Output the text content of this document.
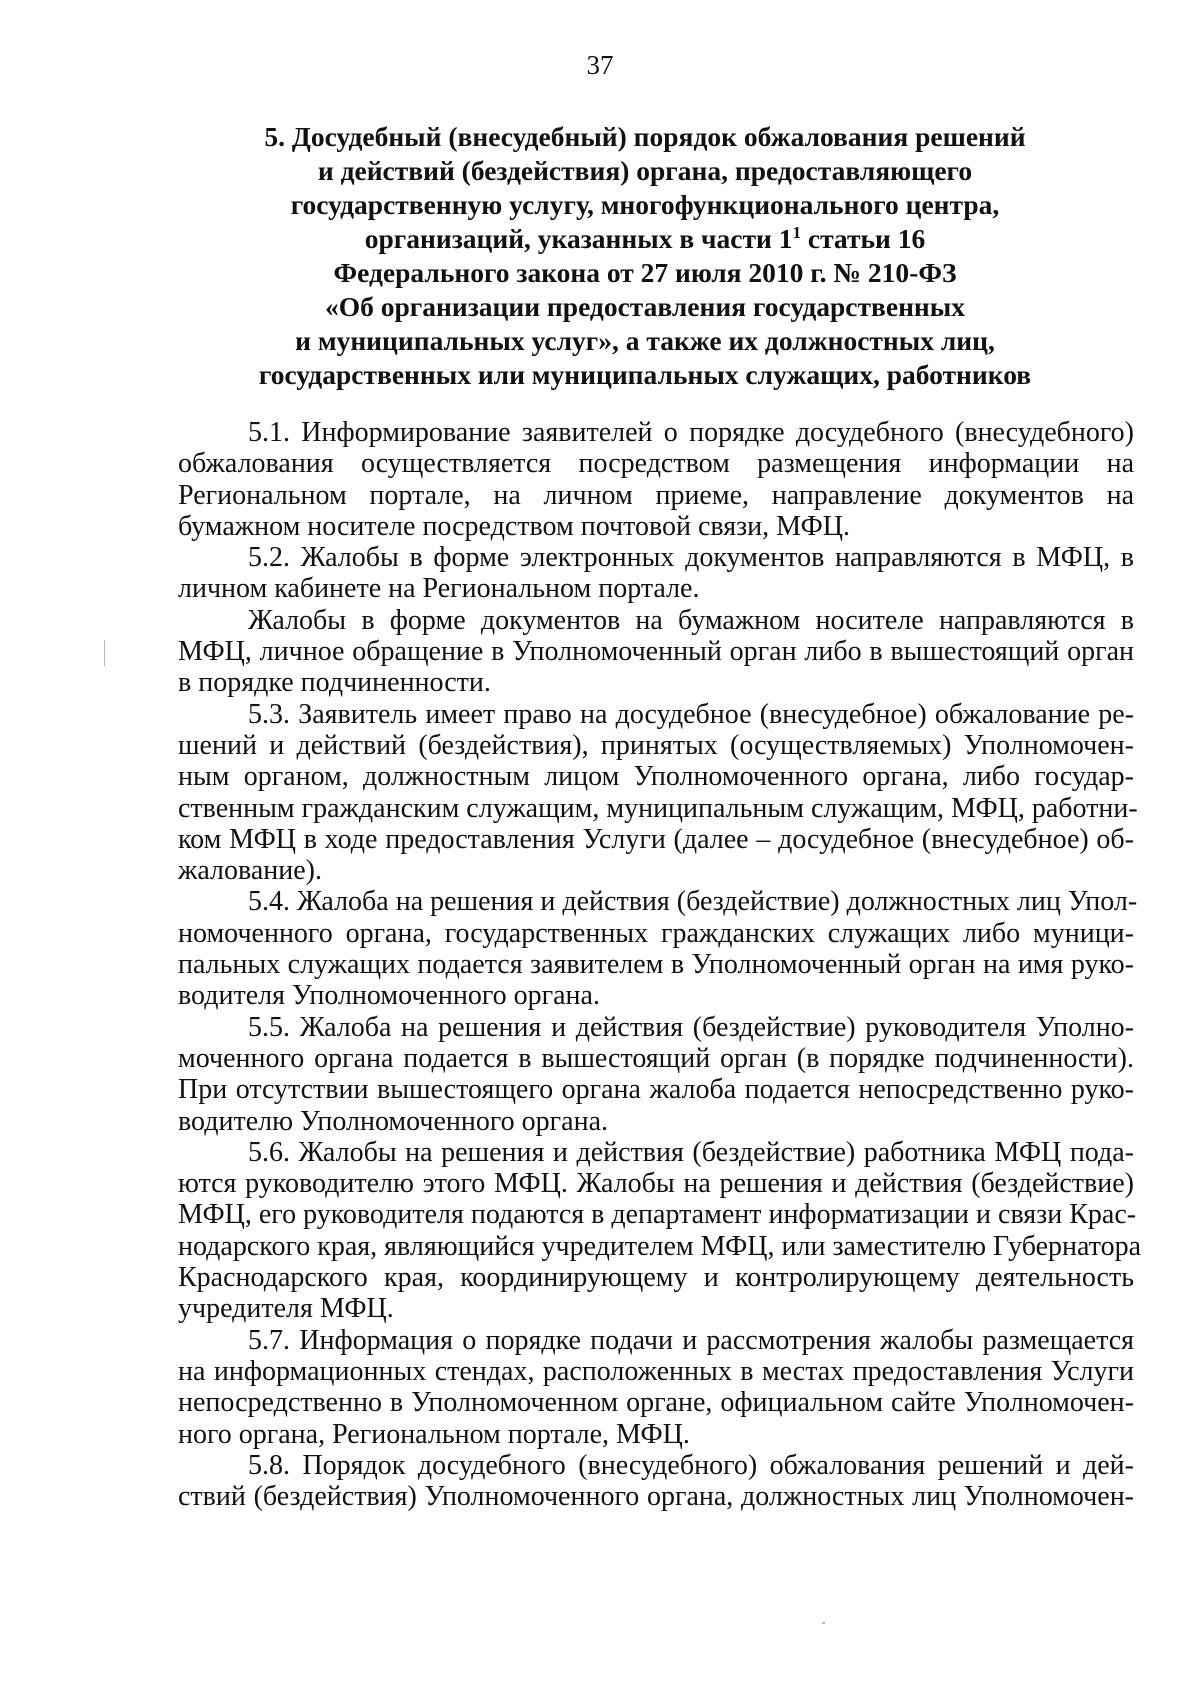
37
5. Досудебный (внесудебный) порядок обжалования решений
и действий (бездействия) органа, предоставляющего
государственную услугу, многофункционального центра,
организаций, указанных в части $1^1$ статьи 16
Федерального закона от 27 июля 2010 г. № 210-ФЗ
«Об организации предоставления государственных
и муниципальных услуг», а также их должностных лиц,
государственных или муниципальных служащих, работников
5.1. Информирование заявителей о порядке досудебного (внесудебного)
обжалования осуществляется посредством размещения информации на
Региональном портале, на личном приеме, направление документов на
бумажном носителе посредством почтовой связи, МФЦ.
5.2. Жалобы в форме электронных документов направляются в МФЦ, в
личном кабинете на Региональном портале.
Жалобы в форме документов на бумажном носителе направляются в
МФЦ, личное обращение в Уполномоченный орган либо в вышестоящий орган
в порядке подчиненности.
5.3. Заявитель имеет право на досудебное (внесудебное) обжалование ре-
шений и действий (бездействия), принятых (осуществляемых) Уполномочен-
ным органом, должностным лицом Уполномоченного органа, либо государ-
ственным гражданским служащим, муниципальным служащим, МФЦ, работни-
ком МФЦ в ходе предоставления Услуги (далее – досудебное (внесудебное) об-
жалование).
5.4. Жалоба на решения и действия (бездействие) должностных лиц Упол-
номоченного органа, государственных гражданских служащих либо муници-
пальных служащих подается заявителем в Уполномоченный орган на имя руко-
водителя Уполномоченного органа.
5.5. Жалоба на решения и действия (бездействие) руководителя Уполно-
моченного органа подается в вышестоящий орган (в порядке подчиненности).
При отсутствии вышестоящего органа жалоба подается непосредственно руко-
водителю Уполномоченного органа.
5.6. Жалобы на решения и действия (бездействие) работника МФЦ пода-
ются руководителю этого МФЦ. Жалобы на решения и действия (бездействие)
МФЦ, его руководителя подаются в департамент информатизации и связи Крас-
нодарского края, являющийся учредителем МФЦ, или заместителю Губернатора
Краснодарского края, координирующему и контролирующему деятельность
учредителя МФЦ.
5.7. Информация о порядке подачи и рассмотрения жалобы размещается
на информационных стендах, расположенных в местах предоставления Услуги
непосредственно в Уполномоченном органе, официальном сайте Уполномочен-
ного органа, Региональном портале, МФЦ.
5.8. Порядок досудебного (внесудебного) обжалования решений и дей-
ствий (бездействия) Уполномоченного органа, должностных лиц Уполномочен-
